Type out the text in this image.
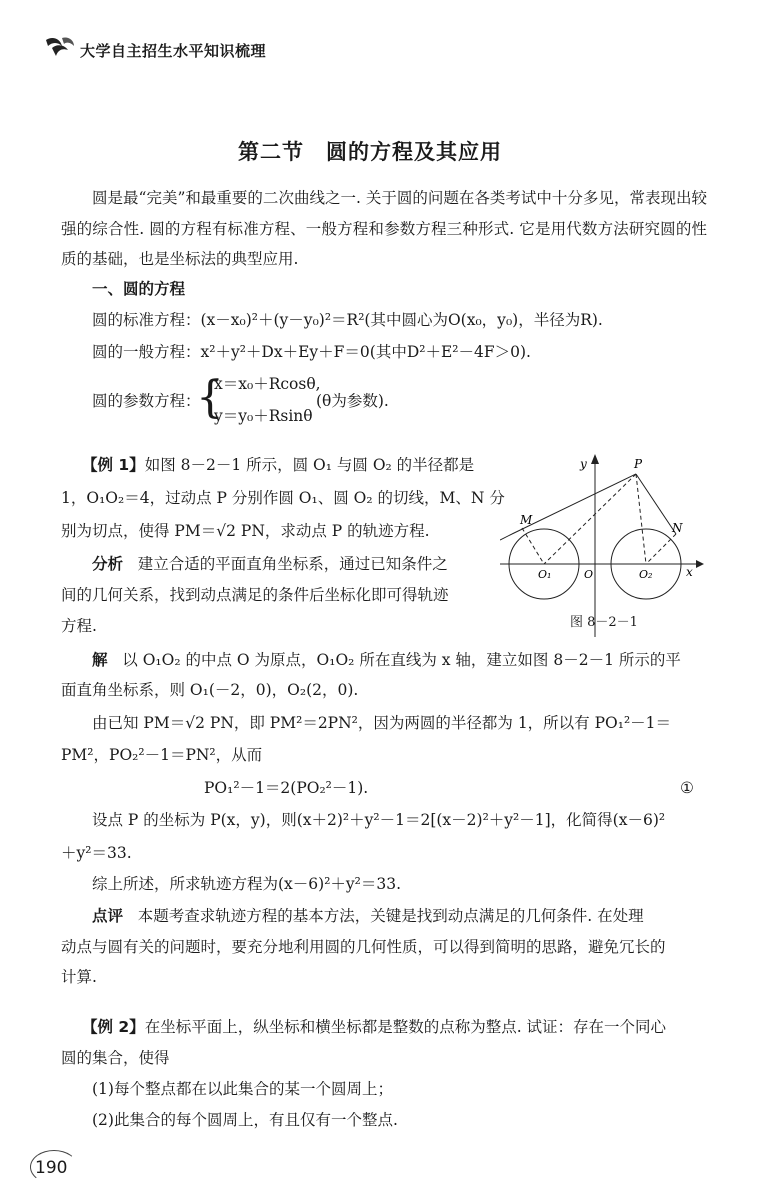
大学自主招生水平知识梳理
第二节　圆的方程及其应用
圆是最“完美”和最重要的二次曲线之一. 关于圆的问题在各类考试中十分多见，常表现出较强的综合性. 圆的方程有标准方程、一般方程和参数方程三种形式. 它是用代数方法研究圆的性质的基础，也是坐标法的典型应用.
一、圆的方程
圆的标准方程：(x－x₀)²＋(y－y₀)²＝R²(其中圆心为O(x₀，y₀)，半径为R).
圆的一般方程：x²＋y²＋Dx＋Ey＋F＝0(其中D²＋E²－4F＞0).
圆的参数方程：
{
x＝x₀＋Rcosθ,
y＝y₀＋Rsinθ
(θ为参数).
【例 1】如图 8－2－1 所示，圆 O₁ 与圆 O₂ 的半径都是
1，O₁O₂＝4，过动点 P 分别作圆 O₁、圆 O₂ 的切线，M、N 分
别为切点，使得 PM＝√2 PN，求动点 P 的轨迹方程.
分析 建立合适的平面直角坐标系，通过已知条件之
间的几何关系，找到动点满足的条件后坐标化即可得轨迹
方程.
y	P
M
N
O₁	O	O₂	x
图 8－2－1
解 以 O₁O₂ 的中点 O 为原点，O₁O₂ 所在直线为 x 轴，建立如图 8－2－1 所示的平
面直角坐标系，则 O₁(－2，0)，O₂(2，0).
由已知 PM＝√2 PN，即 PM²＝2PN²，因为两圆的半径都为 1，所以有 PO₁²－1＝
PM²，PO₂²－1＝PN²，从而
PO₁²－1＝2(PO₂²－1).	①
设点 P 的坐标为 P(x，y)，则(x＋2)²＋y²－1＝2[(x－2)²＋y²－1]，化简得(x－6)²
＋y²＝33.
综上所述，所求轨迹方程为(x－6)²＋y²＝33.
点评 本题考查求轨迹方程的基本方法，关键是找到动点满足的几何条件. 在处理
动点与圆有关的问题时，要充分地利用圆的几何性质，可以得到简明的思路，避免冗长的
计算.
【例 2】在坐标平面上，纵坐标和横坐标都是整数的点称为整点. 试证：存在一个同心
圆的集合，使得
(1)每个整点都在以此集合的某一个圆周上；
(2)此集合的每个圆周上，有且仅有一个整点.
190
